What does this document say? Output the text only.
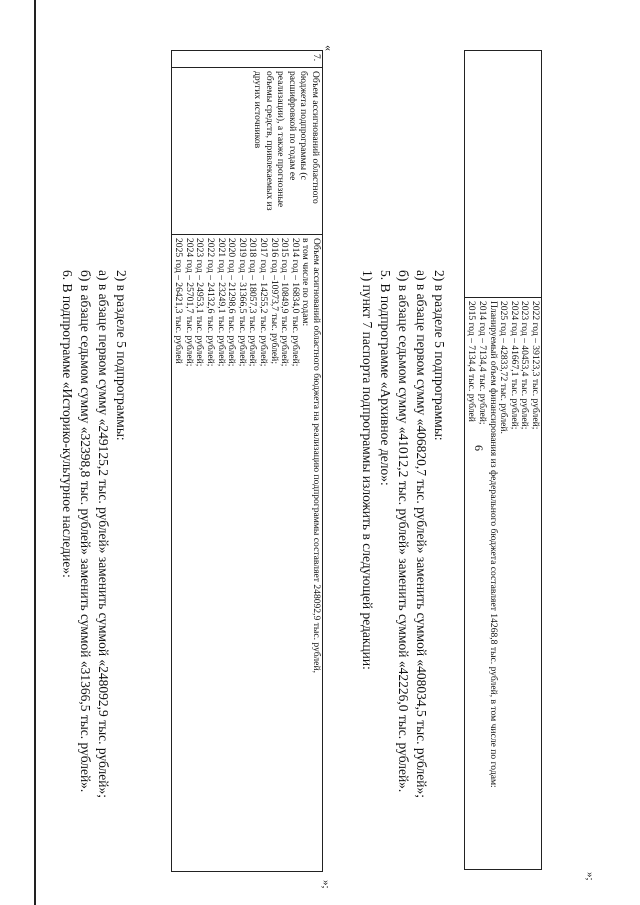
6

2022 год – 39123,3 тыс. рублей;
2023 год – 40453,4 тыс. рублей;
2024 год – 41667,1 тыс. рублей;
2025 год – 42833,72 тыс. рублей.
Планируемый объем финансирования из федерального бюджета составляет 14268,8 тыс. рублей, в том числе по годам:
2014 год – 7134,4 тыс. рублей;
2015 год – 7134,4 тыс. рублей
»;
2) в разделе 5 подпрограммы:
а) в абзаце первом сумму «406820,7 тыс. рублей» заменить суммой «408034,5 тыс. рублей»;
б) в абзаце седьмом сумму «41012,2 тыс. рублей» заменить суммой «42226,0 тыс. рублей».
5. В подпрограмме «Архивное дело»:
1) пункт 7 паспорта подпрограммы изложить в следующей редакции:
«
7.	Объем ассигнований областного бюджета подпрограммы (с расшифровкой по годам ее реализации), а также прогнозные объемы средств, привлекаемых из других источников	
Объем ассигнований областного бюджета на реализацию подпрограммы составляет 248092,9 тыс. рублей,
в том числе по годам:
2014 год – 16834,0 тыс. рублей;
2015 год – 10849,9 тыс. рублей;
2016 год –10973,7 тыс. рублей;
2017 год – 14255,2 тыс. рублей;
2018 год – 18057,3 тыс. рублей;
2019 год – 31366,5 тыс. рублей;
2020 год – 21298,6 тыс. рублей;
2021 год – 23249,1 тыс. рублей;
2022 год – 24132,6 тыс. рублей;
2023 год – 24953,1 тыс. рублей;
2024 год – 25701,7 тыс. рублей;
2025 год – 26421,3 тыс. рублей
»;
2) в разделе 5 подпрограммы:
а) в абзаце первом сумму «249125,2 тыс. рублей» заменить суммой «248092,9 тыс. рублей»;
б) в абзаце седьмом сумму «32398,8 тыс. рублей» заменить суммой «31366,5 тыс. рублей».
6. В подпрограмме «Историко-культурное наследие»:
